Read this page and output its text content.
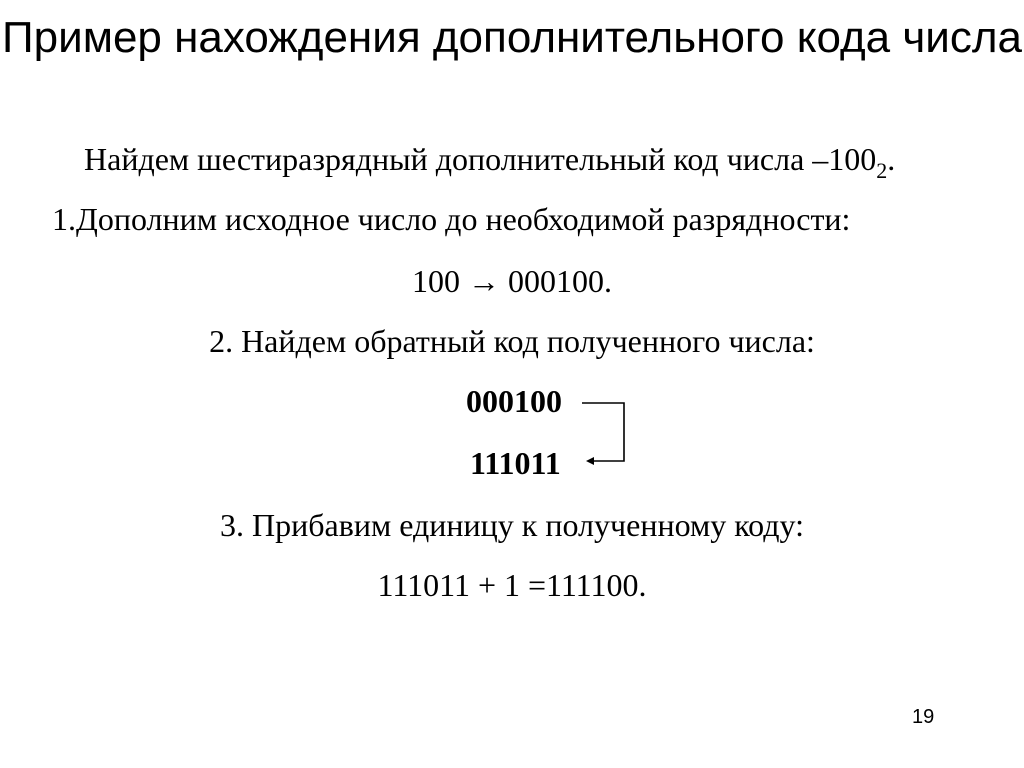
Пример нахождения дополнительного кода числа
Найдем шестиразрядный дополнительный код числа $-100_2$.
1.Дополним исходное число до необходимой разрядности:
100 → 000100.
2. Найдем обратный код полученного числа:
000100
111011
3. Прибавим единицу к полученному коду:
111011 + 1 =111100.
19
